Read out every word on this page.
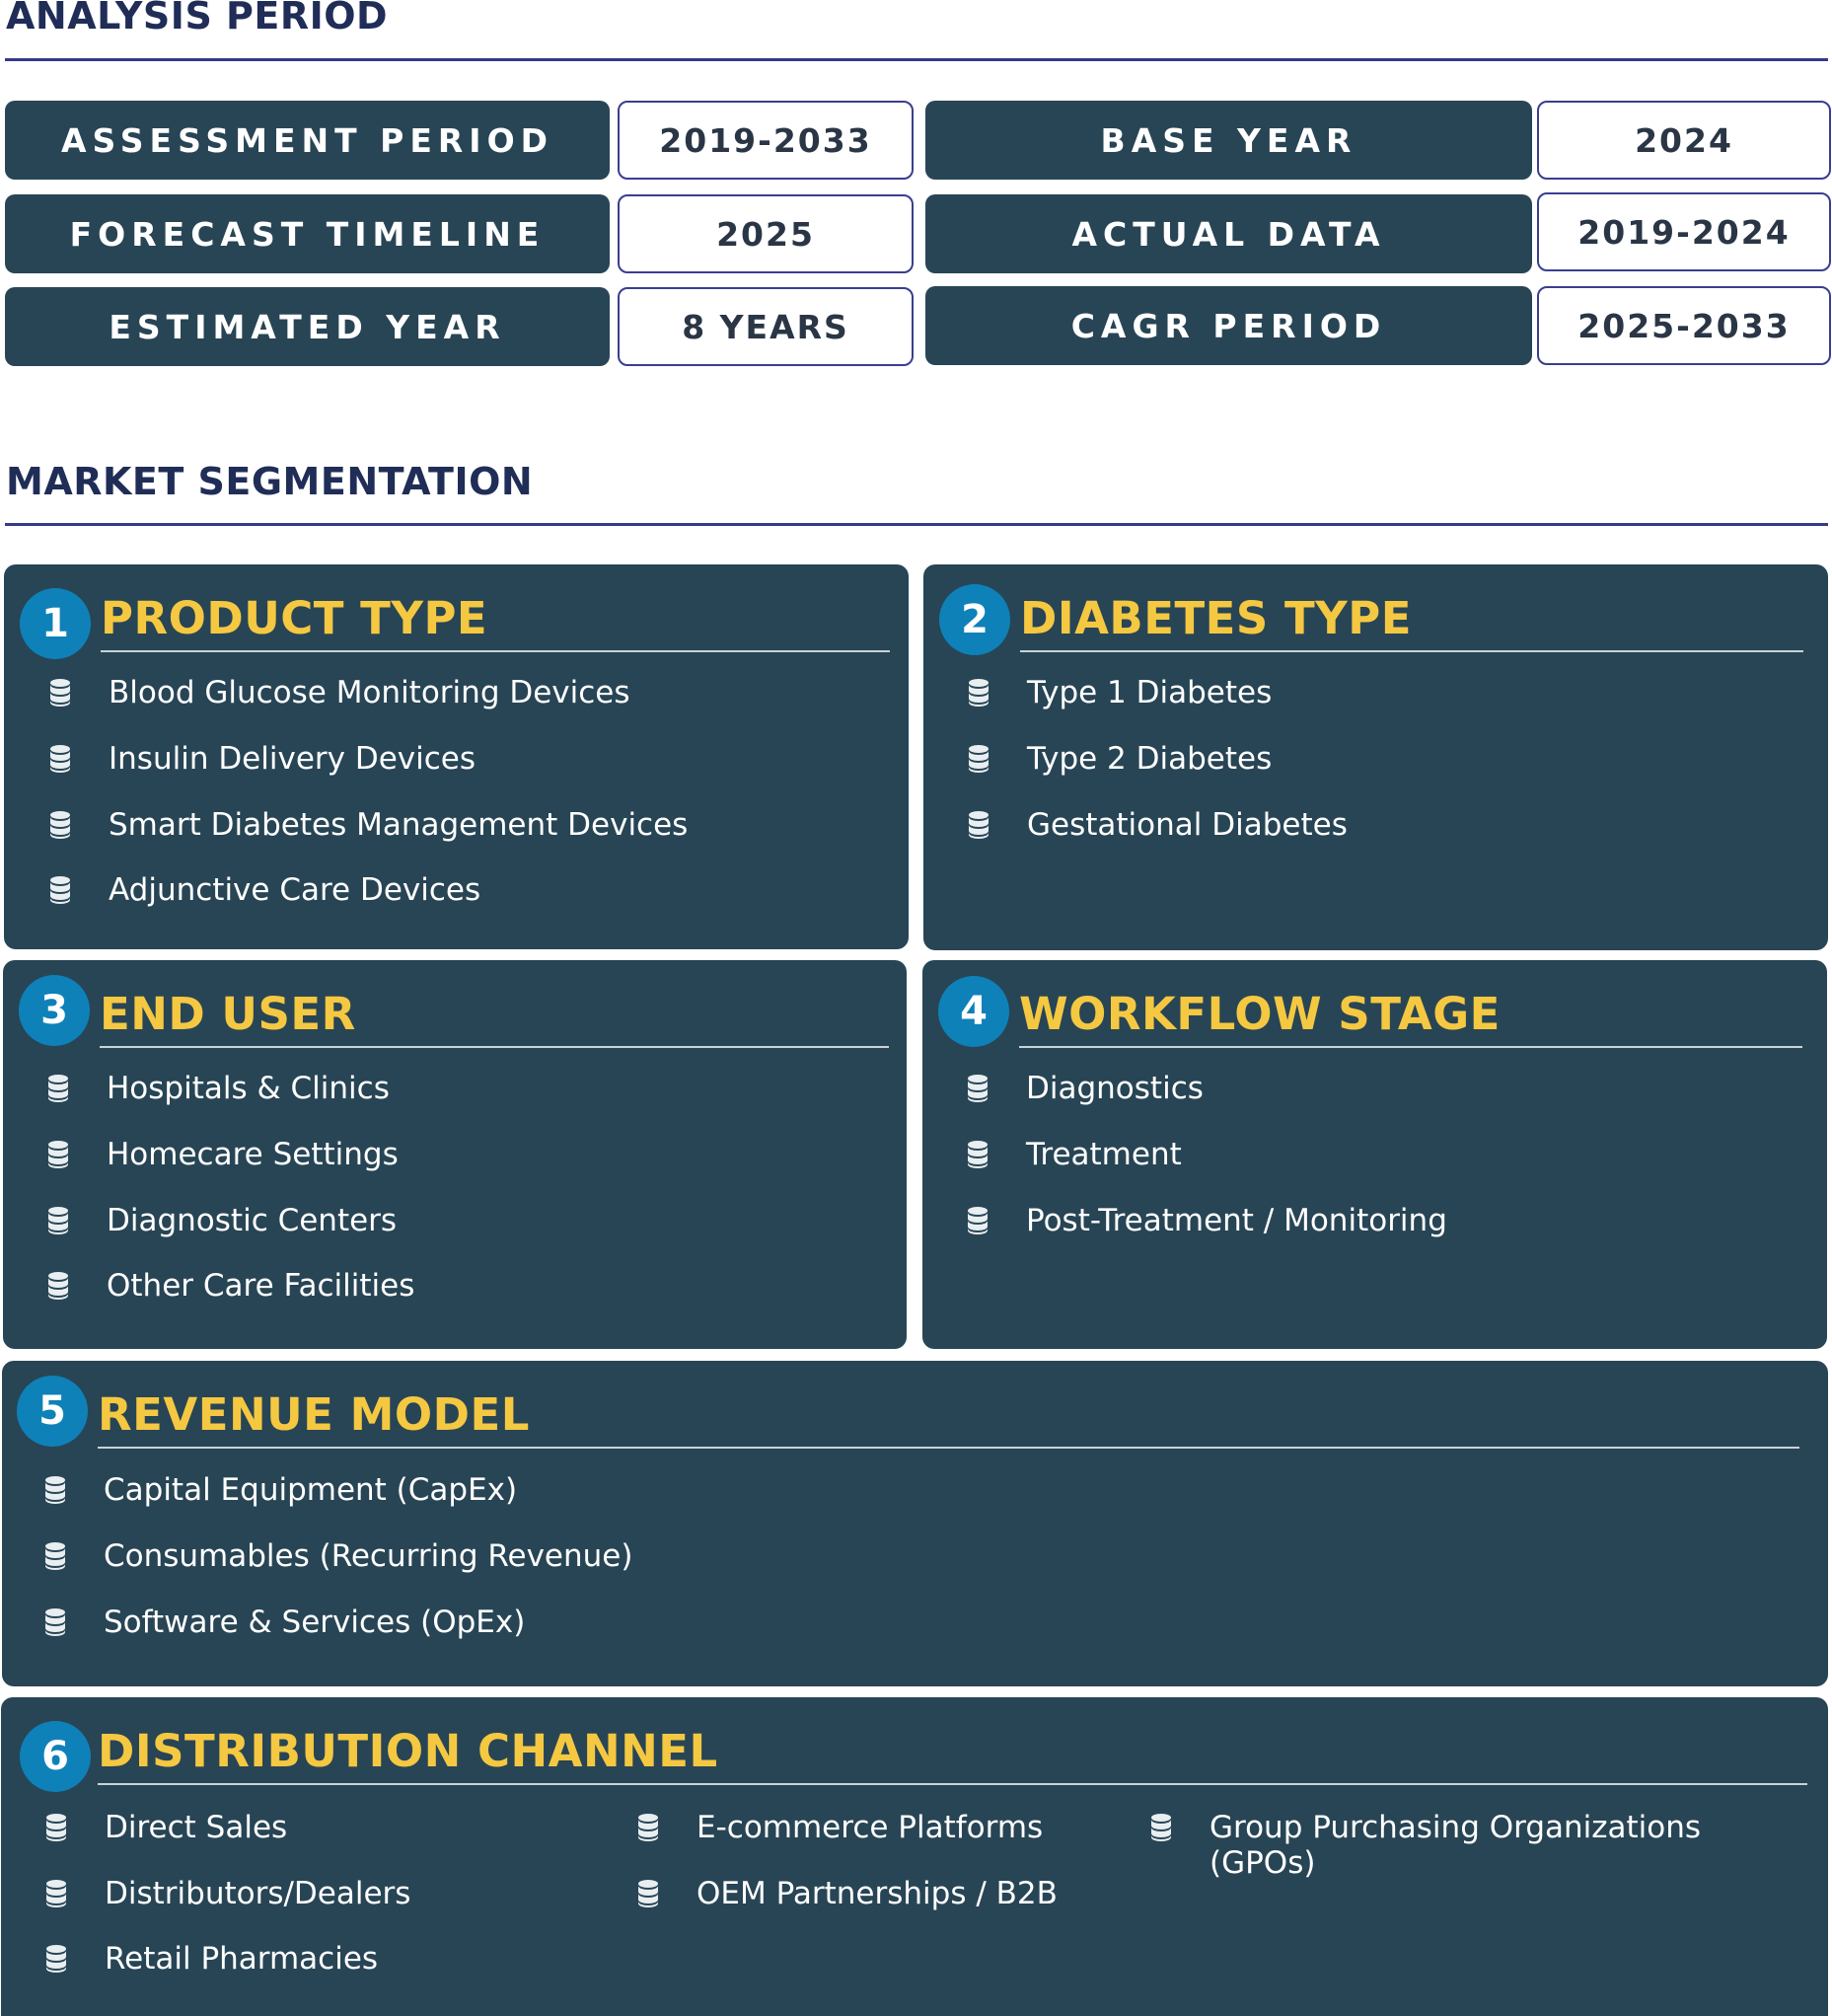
ANALYSIS PERIOD
ASSESSMENT PERIOD	2019-2033	BASE YEAR	2024
FORECAST TIMELINE	2025	ACTUAL DATA	2019-2024
ESTIMATED YEAR	8 YEARS	CAGR PERIOD	2025-2033
MARKET SEGMENTATION
1 PRODUCT TYPE
Blood Glucose Monitoring Devices
Insulin Delivery Devices
Smart Diabetes Management Devices
Adjunctive Care Devices
2 DIABETES TYPE
Type 1 Diabetes
Type 2 Diabetes
Gestational Diabetes
3 END USER
Hospitals & Clinics
Homecare Settings
Diagnostic Centers
Other Care Facilities
4 WORKFLOW STAGE
Diagnostics
Treatment
Post-Treatment / Monitoring
5 REVENUE MODEL
Capital Equipment (CapEx)
Consumables (Recurring Revenue)
Software & Services (OpEx)
6 DISTRIBUTION CHANNEL
Direct Sales
Distributors/Dealers
Retail Pharmacies
E-commerce Platforms
OEM Partnerships / B2B
Group Purchasing Organizations (GPOs)
